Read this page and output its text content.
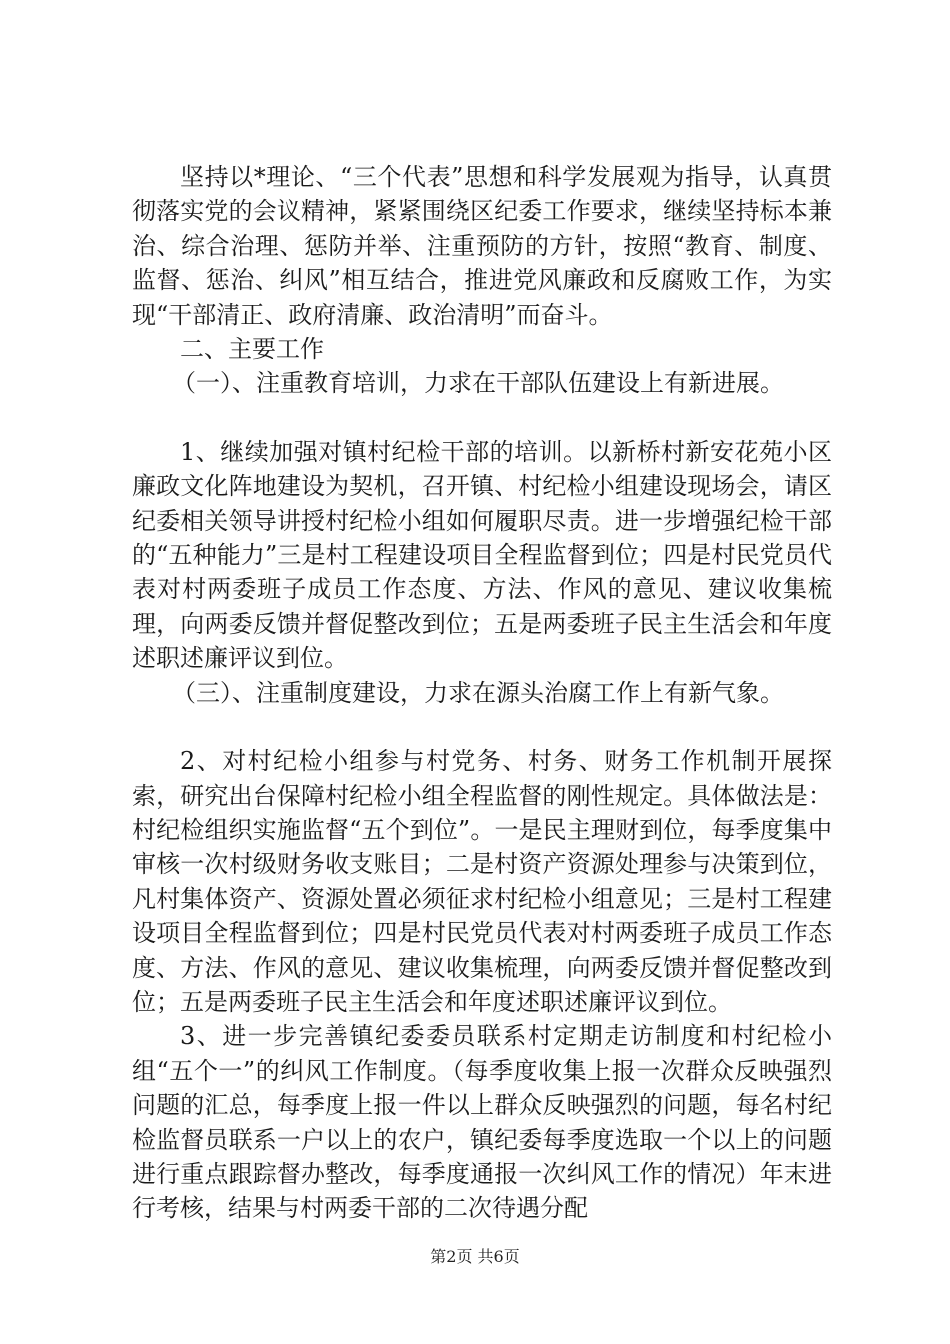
坚持以*理论、“三个代表”思想和科学发展观为指导，认真贯彻落实党的会议精神，紧紧围绕区纪委工作要求，继续坚持标本兼治、综合治理、惩防并举、注重预防的方针，按照“教育、制度、监督、惩治、纠风”相互结合，推进党风廉政和反腐败工作，为实现“干部清正、政府清廉、政治清明”而奋斗。

二、主要工作

（一）、注重教育培训，力求在干部队伍建设上有新进展。

1、继续加强对镇村纪检干部的培训。以新桥村新安花苑小区廉政文化阵地建设为契机，召开镇、村纪检小组建设现场会，请区纪委相关领导讲授村纪检小组如何履职尽责。进一步增强纪检干部的“五种能力”三是村工程建设项目全程监督到位；四是村民党员代表对村两委班子成员工作态度、方法、作风的意见、建议收集梳理，向两委反馈并督促整改到位；五是两委班子民主生活会和年度述职述廉评议到位。

（三）、注重制度建设，力求在源头治腐工作上有新气象。

2、对村纪检小组参与村党务、村务、财务工作机制开展探索，研究出台保障村纪检小组全程监督的刚性规定。具体做法是：村纪检组织实施监督“五个到位”。一是民主理财到位，每季度集中审核一次村级财务收支账目；二是村资产资源处理参与决策到位，凡村集体资产、资源处置必须征求村纪检小组意见；三是村工程建设项目全程监督到位；四是村民党员代表对村两委班子成员工作态度、方法、作风的意见、建议收集梳理，向两委反馈并督促整改到位；五是两委班子民主生活会和年度述职述廉评议到位。

3、进一步完善镇纪委委员联系村定期走访制度和村纪检小组“五个一”的纠风工作制度。（每季度收集上报一次群众反映强烈问题的汇总，每季度上报一件以上群众反映强烈的问题，每名村纪检监督员联系一户以上的农户，镇纪委每季度选取一个以上的问题进行重点跟踪督办整改，每季度通报一次纠风工作的情况）年末进行考核，结果与村两委干部的二次待遇分配

第2页 共6页
